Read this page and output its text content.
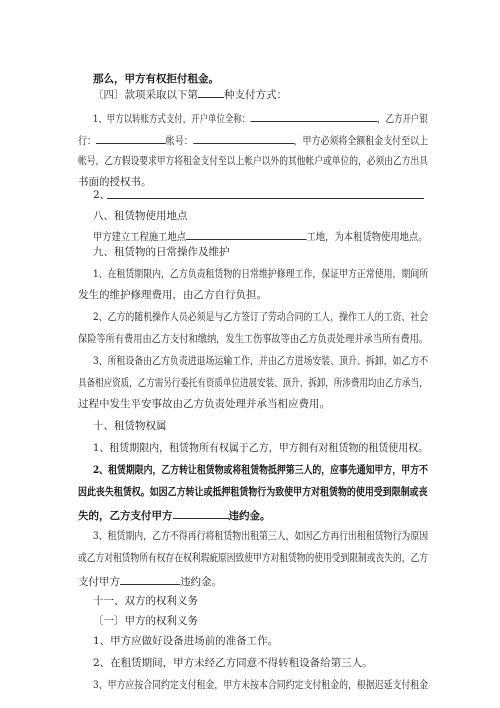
那么，甲方有权拒付租金。
〔四〕款项采取以下第 种支付方式：
1、甲方以转账方式支付，开户单位全称：	，乙方开户银
行：	帐号：	，甲方必须将全额租金支付至以上
帐号，乙方假设要求甲方将租金支付至以上帐户以外的其他帐户或单位的，必须由乙方出具
书面的授权书。
2、
八、租赁物使用地点
甲方建立工程施工地点	工地，为本租赁物使用地点。
九、租赁物的日常操作及维护
1、在租赁期限内，乙方负责租赁物的日常维护修理工作，保证甲方正常使用，期间所
发生的维护修理费用，由乙方自行负担。
2、乙方的随机操作人员必须是与乙方签订了劳动合同的工人，操作工人的工资、社会
保险等所有费用由乙方支付和缴纳，发生工伤事故等由乙方负责处理并承当所有费用。
3、所租设备由乙方负责进退场运输工作，并由乙方进场安装、顶升、拆卸，如乙方不
具备相应资质，乙方需另行委托有资质单位进展安装、顶升、拆卸，所涉费用均由乙方承当，
过程中发生平安事故由乙方负责处理并承当相应费用。
十、租赁物权属
1、租赁期限内，租赁物所有权属于乙方，甲方拥有对租赁物的租赁使用权。
2、租赁期限内，乙方转让租赁物或将租赁物抵押第三人的，应事先通知甲方，甲方不
因此丧失租赁权。如因乙方转让或抵押租赁物行为致使甲方对租赁物的使用受到限制或丧
失的，乙方支付甲方	违约金。
3、租赁期内，乙方不得再行将租赁物出租第三人，如因乙方再行出租租赁物行为原因
或乙方对租赁物所有权存在权利瑕疵原因致使甲方对租赁物的使用受到限制或丧失的，乙方
支付甲方	违约金。
十一、双方的权利义务
〔一〕甲方的权利义务
1、甲方应做好设备进场前的准备工作。
2、在租赁期间，甲方未经乙方同意不得转租设备给第三人。
3、甲方应按合同约定支付租金，甲方未按本合同约定支付租金的，根据迟延支付租金
